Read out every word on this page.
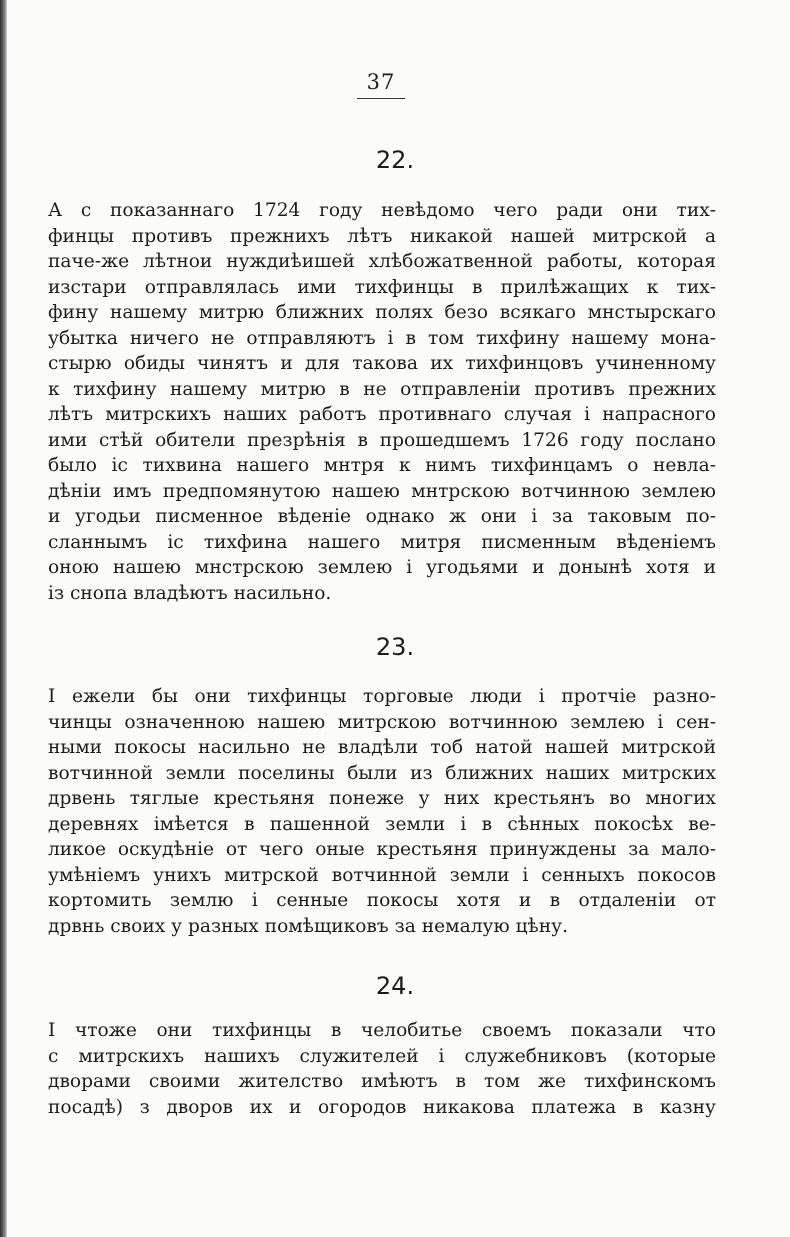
37
22.
А с показаннаго 1724 году невѣдомо чего ради они тих-
финцы противъ прежнихъ лѣтъ никакой нашей митрской а
паче-же лѣтнои нуждиѣишей хлѣбожатвенной работы, которая
изстари отправлялась ими тихфинцы в прилѣжащих к тих-
фину нашему митрю ближних полях безо всякаго мнстырскаго
убытка ничего не отправляютъ і в том тихфину нашему мона-
стырю обиды чинятъ и для такова их тихфинцовъ учиненному
к тихфину нашему митрю в не отправленіи противъ прежних
лѣтъ митрскихъ наших работъ противнаго случая і напрасного
ими стѣй обители презрѣнія в прошедшемъ 1726 году послано
было іс тихвина нашего мнтря к нимъ тихфинцамъ о невла-
дѣніи имъ предпомянутою нашею мнтрскою вотчинною землею
и угодьи писменное вѣденіе однако ж они і за таковым по-
сланнымъ іс тихфина нашего митря писменным вѣденіемъ
оною нашею мнстрскою землею і угодьями и донынѣ хотя и
із снопа владѣютъ насильно.
23.
І ежели бы они тихфинцы торговые люди і протчіе разно-
чинцы означенною нашею митрскою вотчинною землею і сен-
ными покосы насильно не владѣли тоб натой нашей митрской
вотчинной земли поселины были из ближних наших митрских
дрвень тяглые крестьяня понеже у них крестьянъ во многих
деревнях імѣется в пашенной земли і в сѣнных покосѣх ве-
ликое оскудѣніе от чего оные крестьяня принуждены за мало-
умѣніемъ унихъ митрской вотчинной земли і сенныхъ покосов
кортомить землю і сенные покосы хотя и в отдаленіи от
дрвнь своих у разных помѣщиковъ за немалую цѣну.
24.
І чтоже они тихфинцы в челобитье своемъ показали что
с митрскихъ нашихъ служителей і служебниковъ (которые
дворами своими жителство имѣютъ в том же тихфинскомъ
посадѣ) з дворов их и огородов никакова платежа в казну
